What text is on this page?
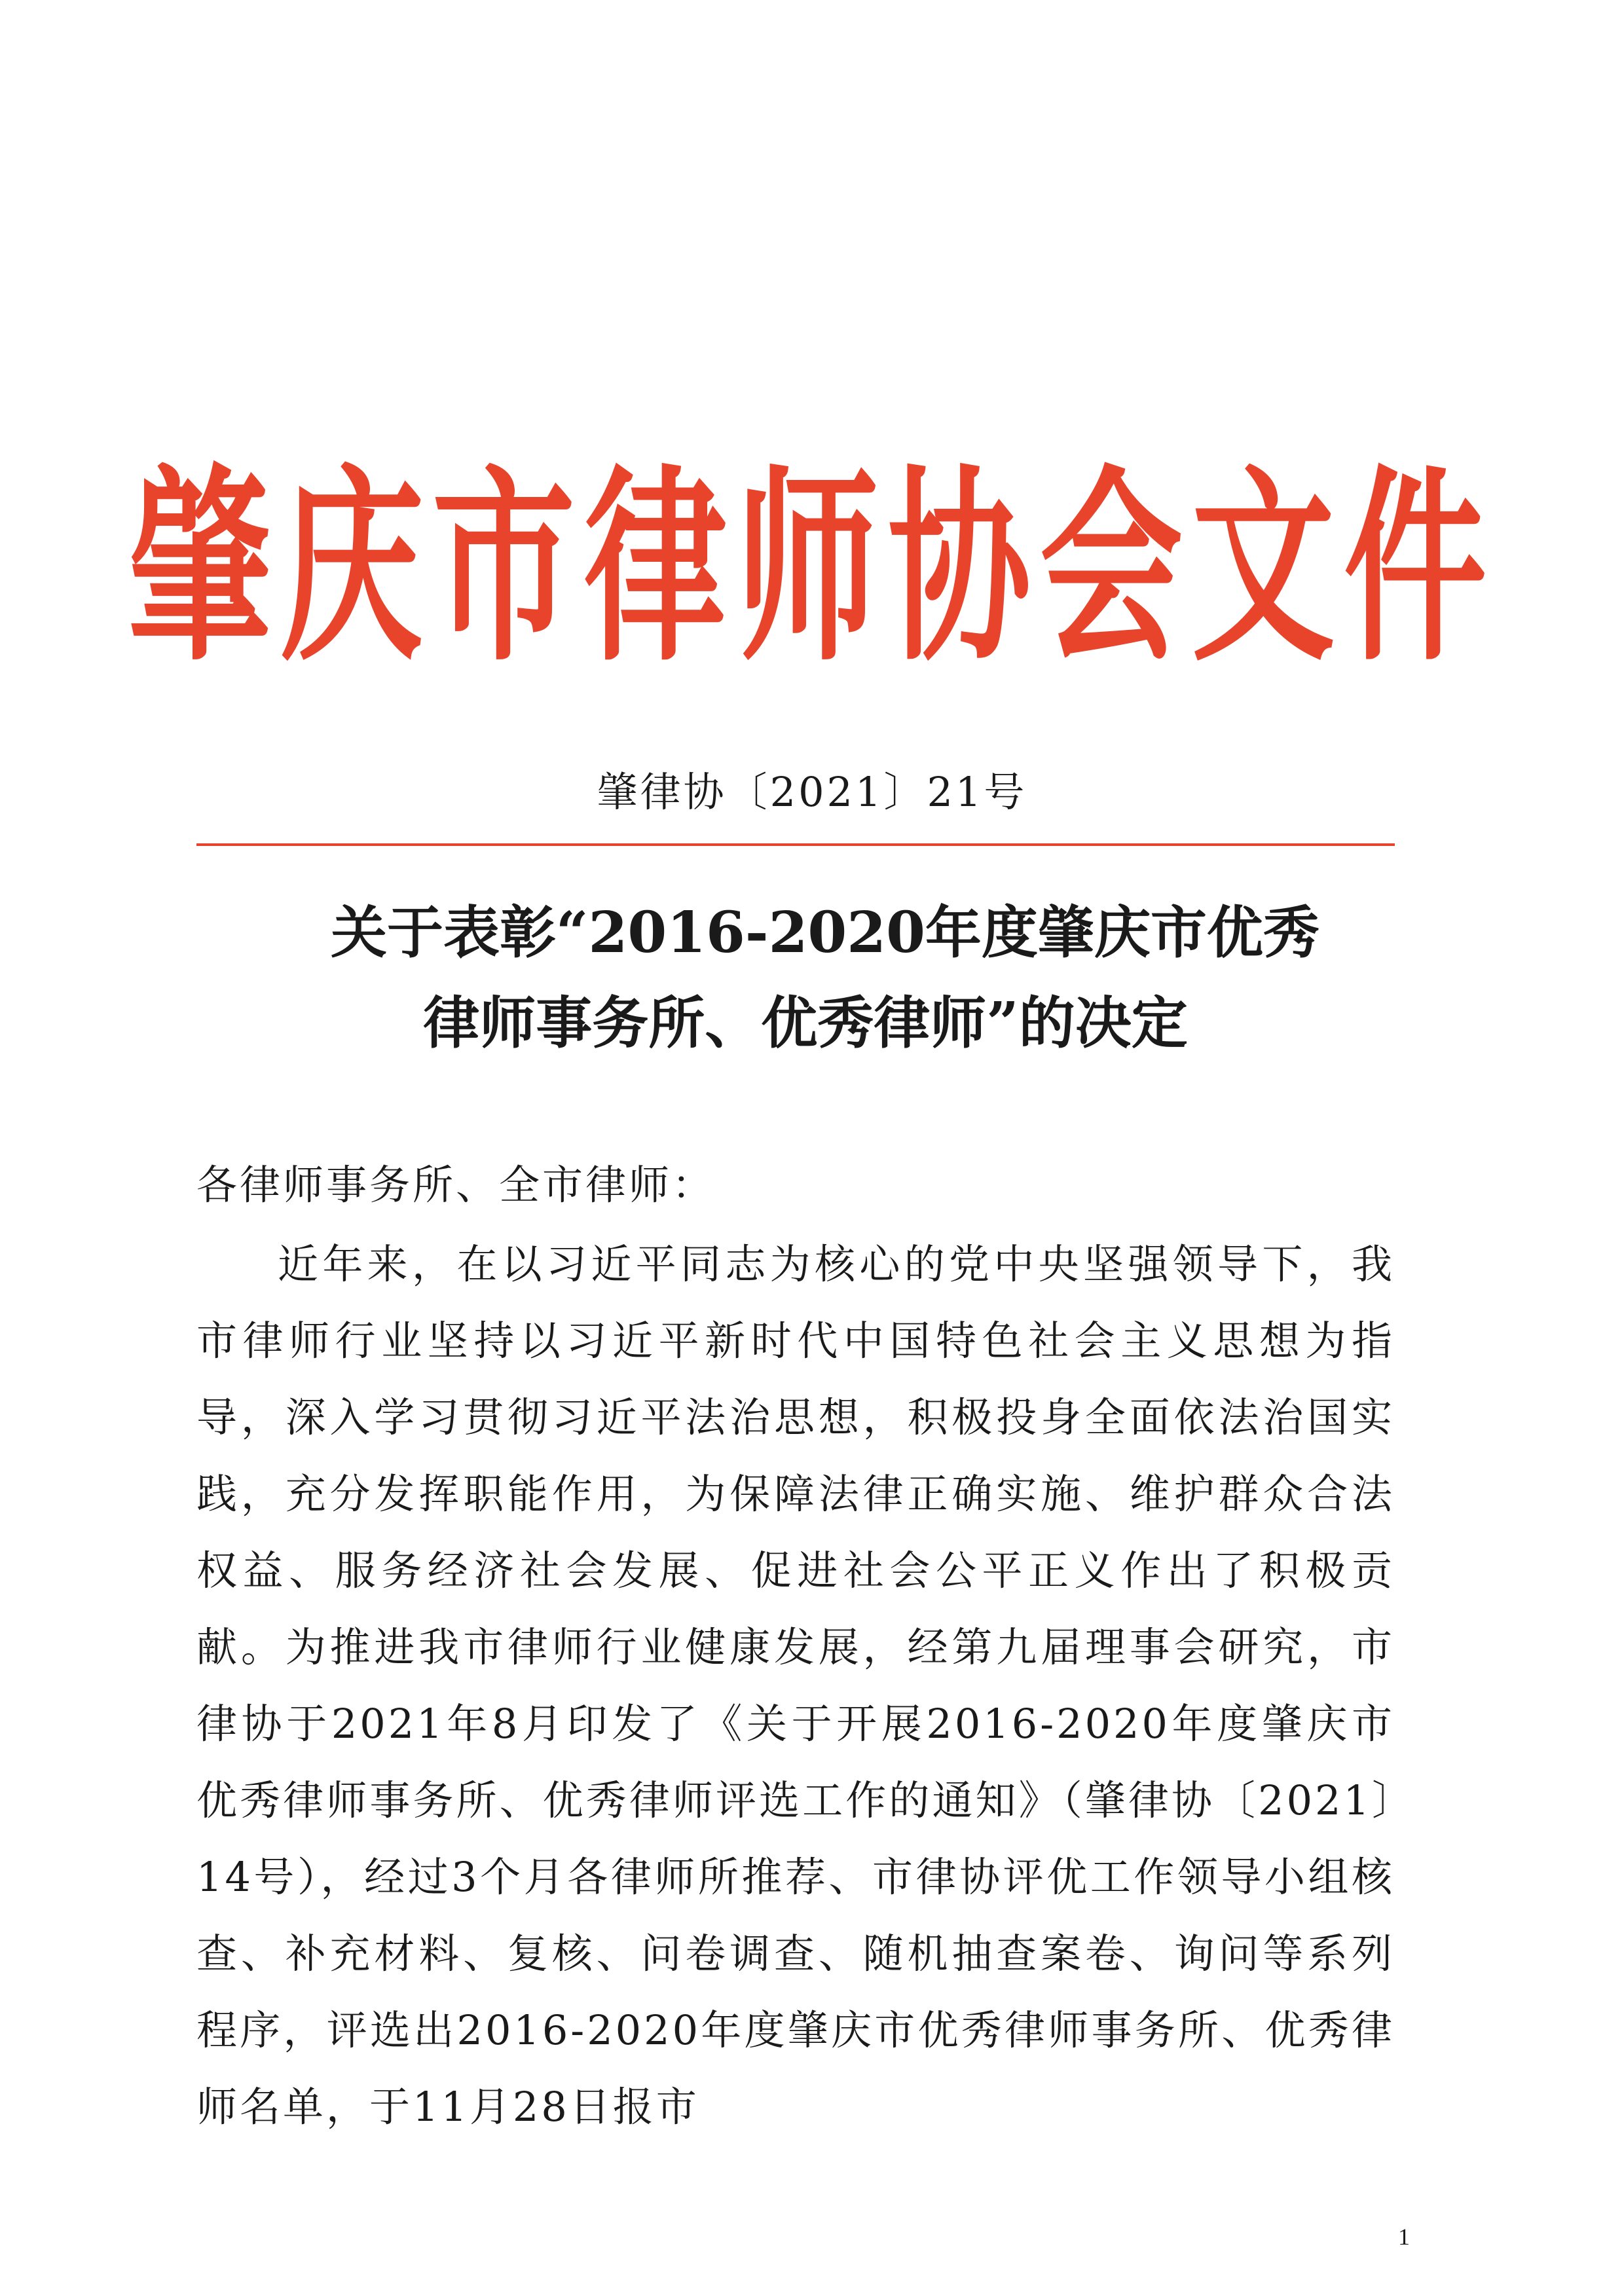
肇庆市律师协会文件
肇律协〔2021〕21号
关于表彰“2016-2020年度肇庆市优秀
律师事务所、优秀律师”的决定
各律师事务所、全市律师：
近年来，在以习近平同志为核心的党中央坚强领导下，我市律师行业坚持以习近平新时代中国特色社会主义思想为指导，深入学习贯彻习近平法治思想，积极投身全面依法治国实践，充分发挥职能作用，为保障法律正确实施、维护群众合法权益、服务经济社会发展、促进社会公平正义作出了积极贡献。为推进我市律师行业健康发展，经第九届理事会研究，市律协于2021年8月印发了《关于开展2016-2020年度肇庆市优秀律师事务所、优秀律师评选工作的通知》（肇律协〔2021〕14号），经过3个月各律师所推荐、市律协评优工作领导小组核查、补充材料、复核、问卷调查、随机抽查案卷、询问等系列程序，评选出2016-2020年度肇庆市优秀律师事务所、优秀律师名单，于11月28日报市
1
